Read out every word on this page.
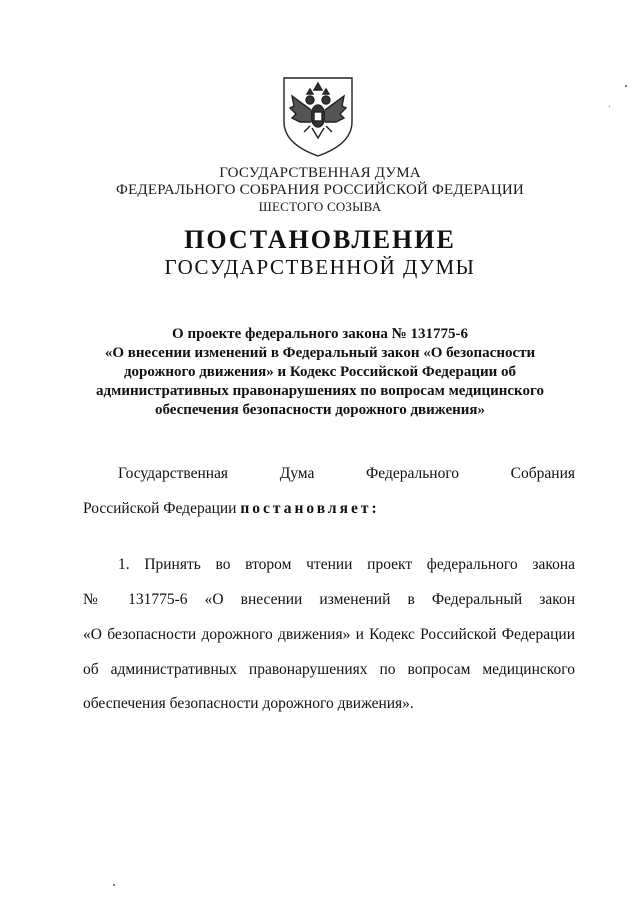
ГОСУДАРСТВЕННАЯ ДУМА
ФЕДЕРАЛЬНОГО СОБРАНИЯ РОССИЙСКОЙ ФЕДЕРАЦИИ
ШЕСТОГО СОЗЫВА
ПОСТАНОВЛЕНИЕ
ГОСУДАРСТВЕННОЙ ДУМЫ
О проекте федерального закона № 131775-6
«О внесении изменений в Федеральный закон «О безопасности
дорожного движения» и Кодекс Российской Федерации об
административных правонарушениях по вопросам медицинского
обеспечения безопасности дорожного движения»
Государственная Дума Федерального Собрания
Российской Федерации постановляет:
1. Принять во втором чтении проект федерального закона
№ 131775-6 «О внесении изменений в Федеральный закон
«О безопасности дорожного движения» и Кодекс Российской Федерации
об административных правонарушениях по вопросам медицинского
обеспечения безопасности дорожного движения».
